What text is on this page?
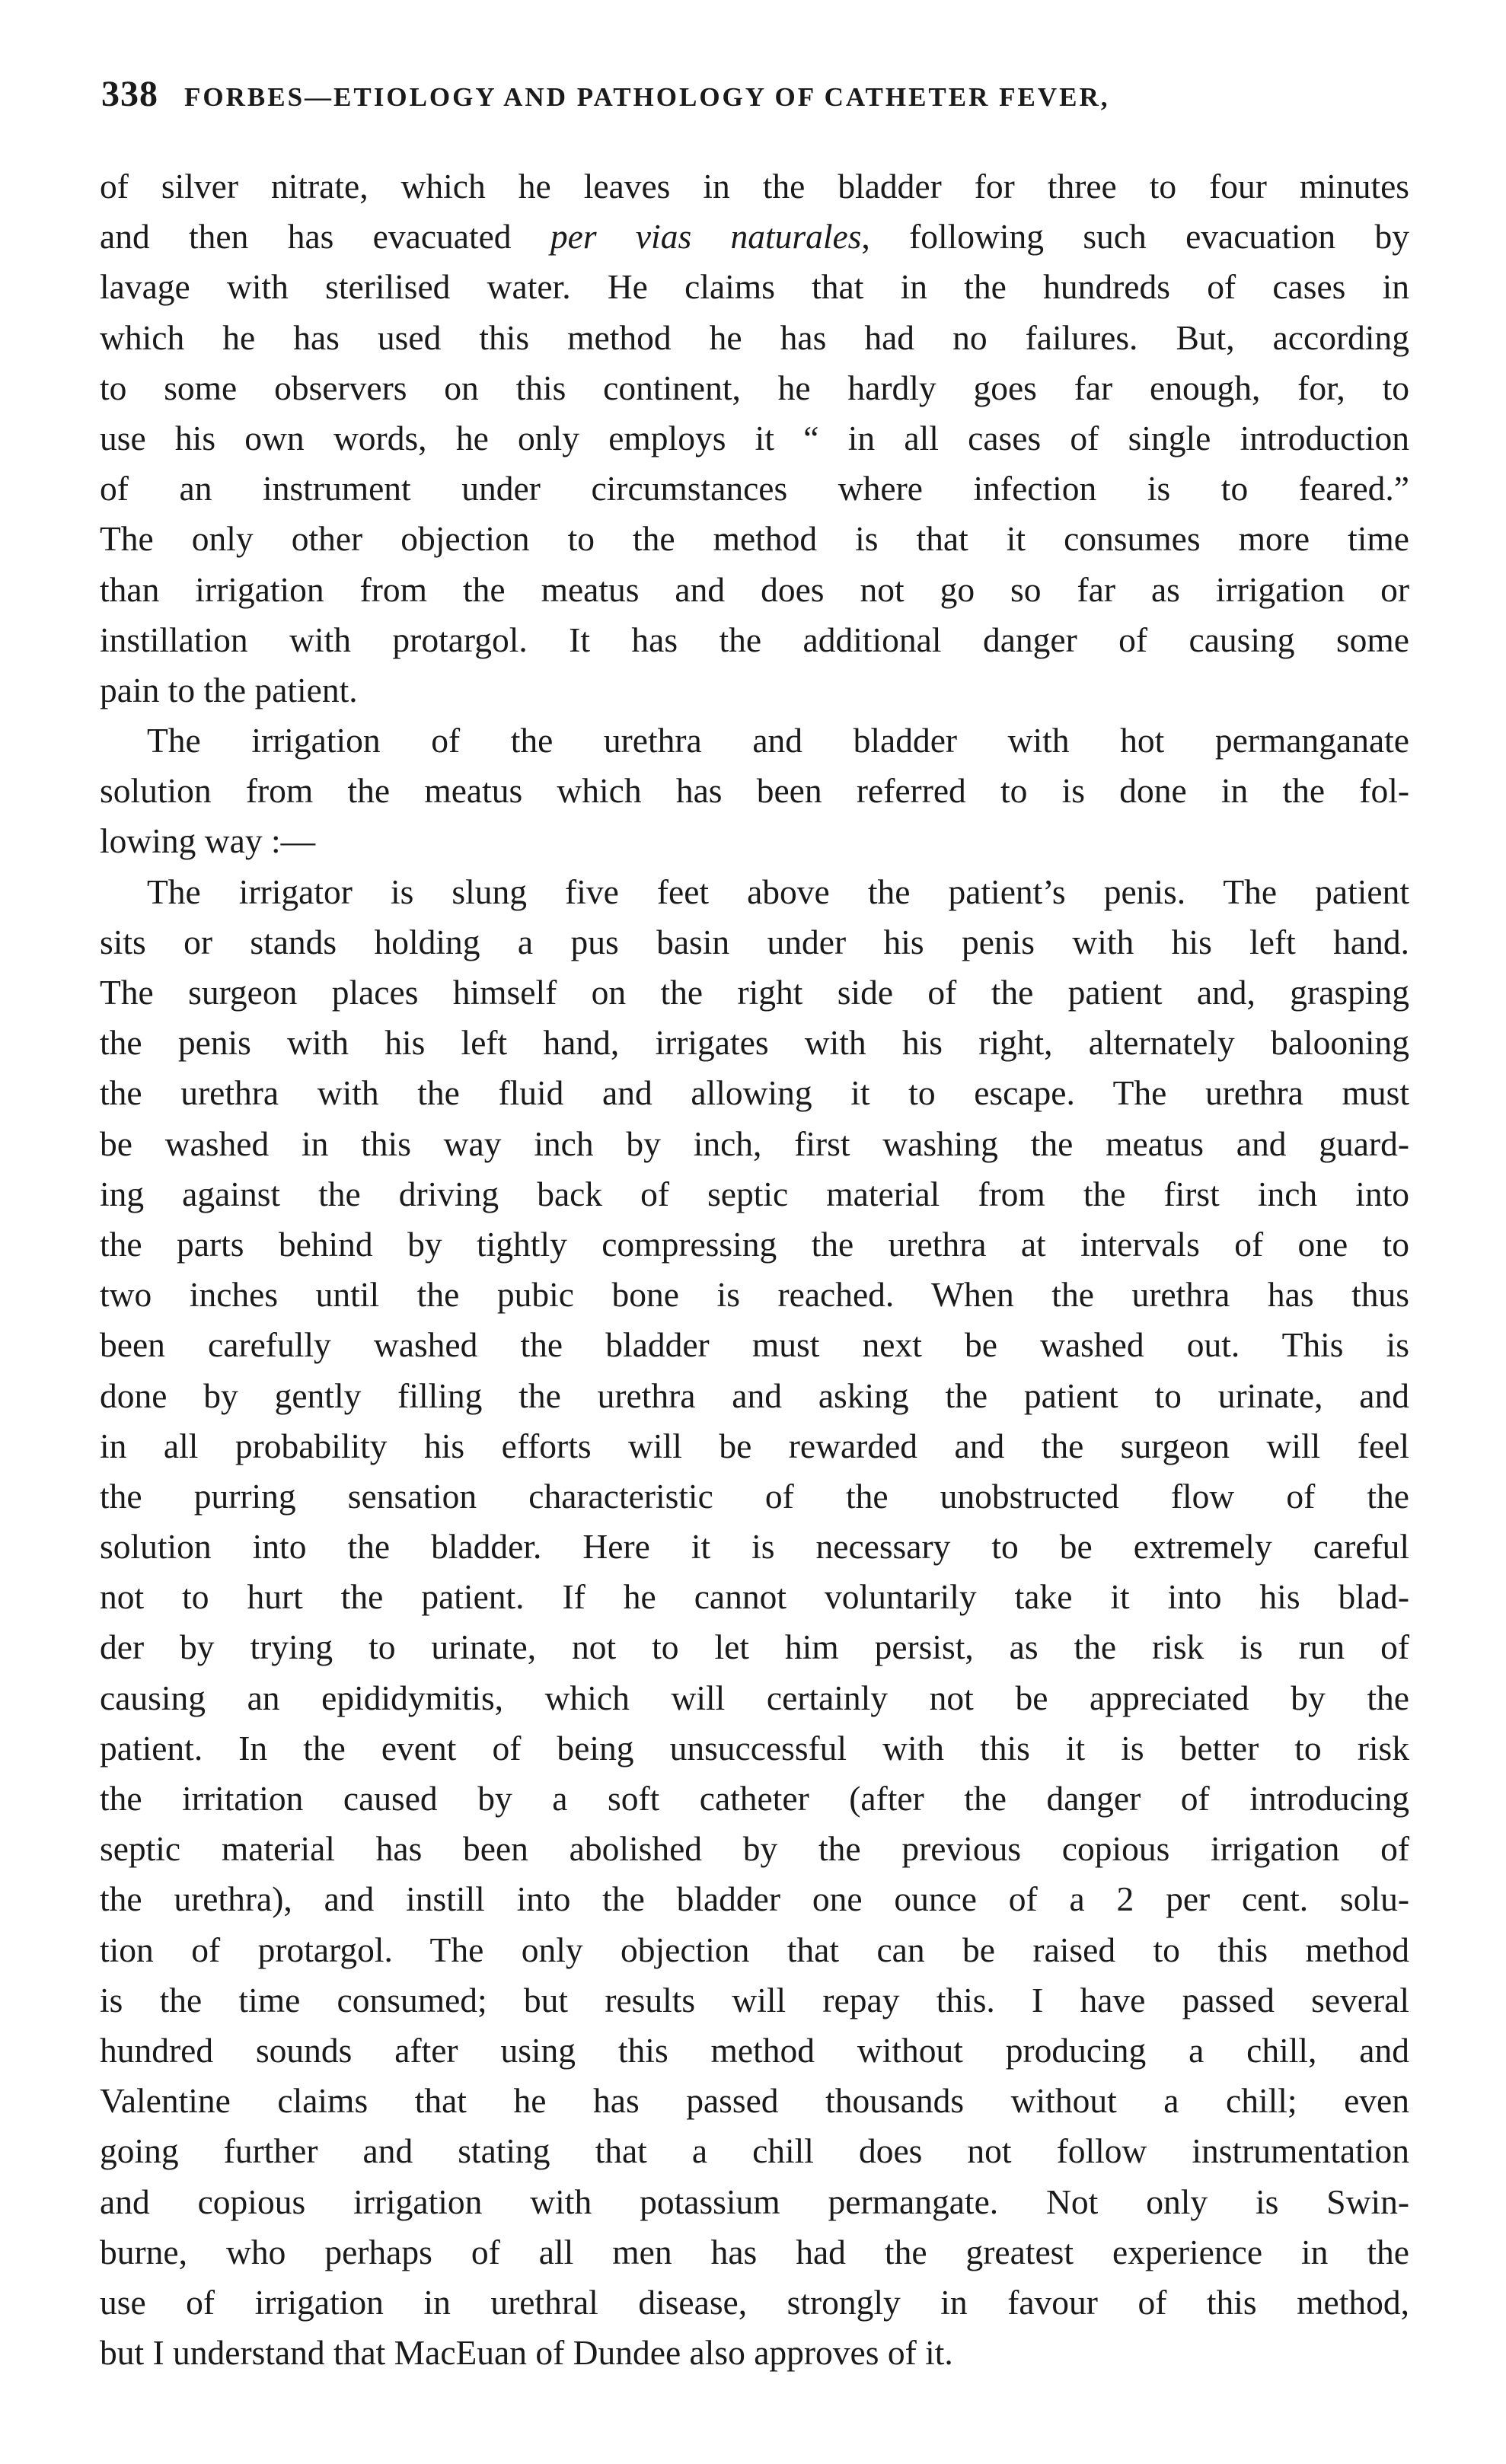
338 FORBES—ETIOLOGY AND PATHOLOGY OF CATHETER FEVER,
of silver nitrate, which he leaves in the bladder for three to four minutes
and then has evacuated per vias naturales, following such evacuation by
lavage with sterilised water. He claims that in the hundreds of cases in
which he has used this method he has had no failures. But, according
to some observers on this continent, he hardly goes far enough, for, to
use his own words, he only employs it “ in all cases of single introduction
of an instrument under circumstances where infection is to feared.”
The only other objection to the method is that it consumes more time
than irrigation from the meatus and does not go so far as irrigation or
instillation with protargol. It has the additional danger of causing some
pain to the patient.
The irrigation of the urethra and bladder with hot permanganate
solution from the meatus which has been referred to is done in the fol-
lowing way :—
The irrigator is slung five feet above the patient’s penis. The patient
sits or stands holding a pus basin under his penis with his left hand.
The surgeon places himself on the right side of the patient and, grasping
the penis with his left hand, irrigates with his right, alternately balooning
the urethra with the fluid and allowing it to escape. The urethra must
be washed in this way inch by inch, first washing the meatus and guard-
ing against the driving back of septic material from the first inch into
the parts behind by tightly compressing the urethra at intervals of one to
two inches until the pubic bone is reached. When the urethra has thus
been carefully washed the bladder must next be washed out. This is
done by gently filling the urethra and asking the patient to urinate, and
in all probability his efforts will be rewarded and the surgeon will feel
the purring sensation characteristic of the unobstructed flow of the
solution into the bladder. Here it is necessary to be extremely careful
not to hurt the patient. If he cannot voluntarily take it into his blad-
der by trying to urinate, not to let him persist, as the risk is run of
causing an epididymitis, which will certainly not be appreciated by the
patient. In the event of being unsuccessful with this it is better to risk
the irritation caused by a soft catheter (after the danger of introducing
septic material has been abolished by the previous copious irrigation of
the urethra), and instill into the bladder one ounce of a 2 per cent. solu-
tion of protargol. The only objection that can be raised to this method
is the time consumed; but results will repay this. I have passed several
hundred sounds after using this method without producing a chill, and
Valentine claims that he has passed thousands without a chill; even
going further and stating that a chill does not follow instrumentation
and copious irrigation with potassium permangate. Not only is Swin-
burne, who perhaps of all men has had the greatest experience in the
use of irrigation in urethral disease, strongly in favour of this method,
but I understand that MacEuan of Dundee also approves of it.
